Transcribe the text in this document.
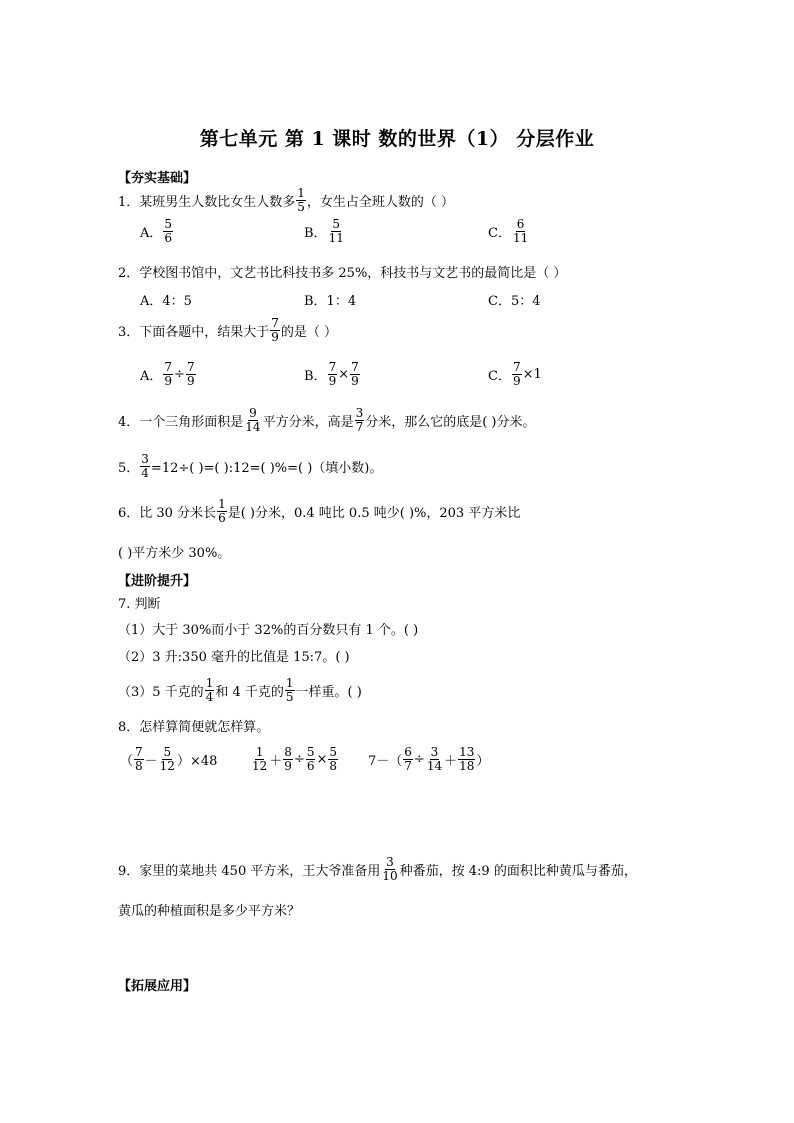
第七单元 第 1 课时 数的世界（1） 分层作业
【夯实基础】
1．某班男生人数比女生人数多 $\frac{1}{5}$ ，女生占全班人数的（ ）
A． $\frac{5}{6}$	B． $\frac{5}{11}$	C． $\frac{6}{11}$
2．学校图书馆中，文艺书比科技书多 25%，科技书与文艺书的最简比是（ ）
A．4：5	B．1：4	C．5：4
3．下面各题中，结果大于 $\frac{7}{9}$ 的是（ ）
A． $\frac{7}{9} \div \frac{7}{9}$	B． $\frac{7}{9} \times \frac{7}{9}$	C． $\frac{7}{9} \times 1$
4．一个三角形面积是 $\frac{9}{14}$ 平方分米，高是 $\frac{3}{7}$ 分米，那么它的底是( )分米。
5． $\frac{3}{4} =12\div$( )=( ):12=( )%=( )（填小数)。
6．比 30 分米长 $\frac{1}{6}$ 是( )分米，0.4 吨比 0.5 吨少( )%，203 平方米比
( )平方米少 30%。
【进阶提升】
7. 判断
（1）大于 30%而小于 32%的百分数只有 1 个。( )
（2）3 升:350 毫升的比值是 15:7。( )
（3）5 千克的 $\frac{1}{4}$ 和 4 千克的 $\frac{1}{5}$ 一样重。( )
8．怎样算简便就怎样算。
（ $\frac{7}{8} - \frac{5}{12} )\times 48$	$\frac{1}{12} + \frac{8}{9} \div \frac{5}{6} \times \frac{5}{8} 7-( \frac{6}{7} \div \frac{3}{14} + \frac{13}{18}$ ）
9．家里的菜地共 450 平方米，王大爷准备用 $\frac{3}{10}$ 种番茄，按 4:9 的面积比种黄瓜与番茄，
黄瓜的种植面积是多少平方米？
【拓展应用】
